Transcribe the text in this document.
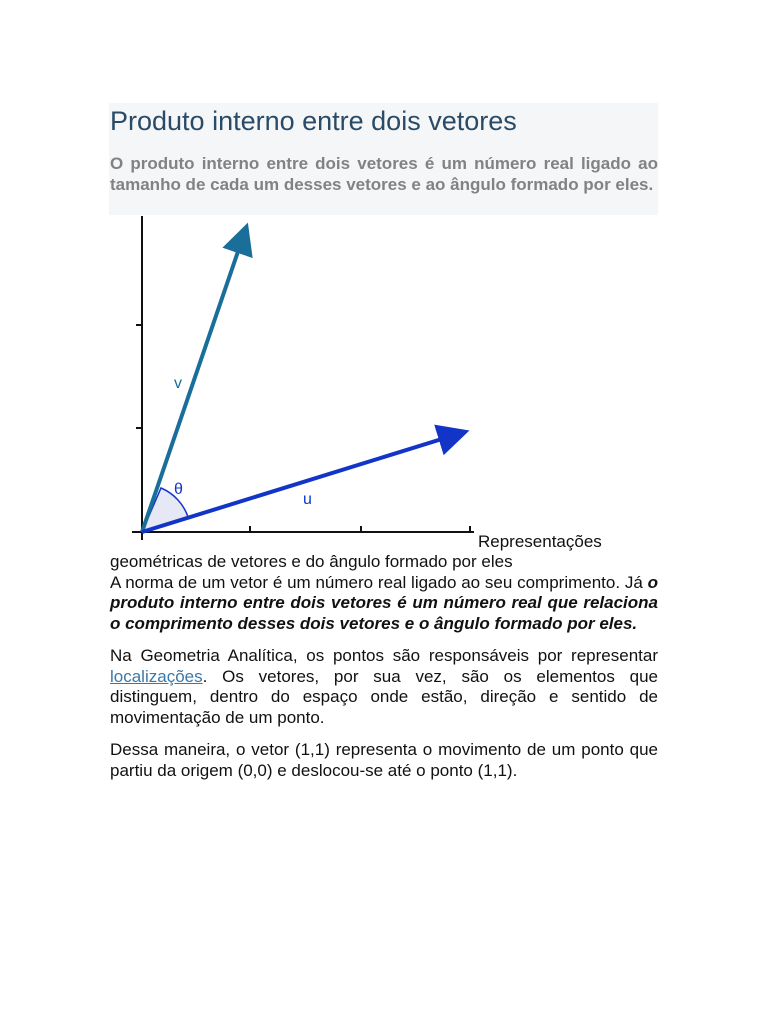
Produto interno entre dois vetores

O produto interno entre dois vetores é um número real ligado ao tamanho de cada um desses vetores e ao ângulo formado por eles.

v
u
θ
Representações

geométricas de vetores e do ângulo formado por eles

A norma de um vetor é um número real ligado ao seu comprimento. Já o produto interno entre dois vetores é um número real que relaciona o comprimento desses dois vetores e o ângulo formado por eles.

Na Geometria Analítica, os pontos são responsáveis por representar localizações. Os vetores, por sua vez, são os elementos que distinguem, dentro do espaço onde estão, direção e sentido de movimentação de um ponto.

Dessa maneira, o vetor (1,1) representa o movimento de um ponto que partiu da origem (0,0) e deslocou-se até o ponto (1,1).
